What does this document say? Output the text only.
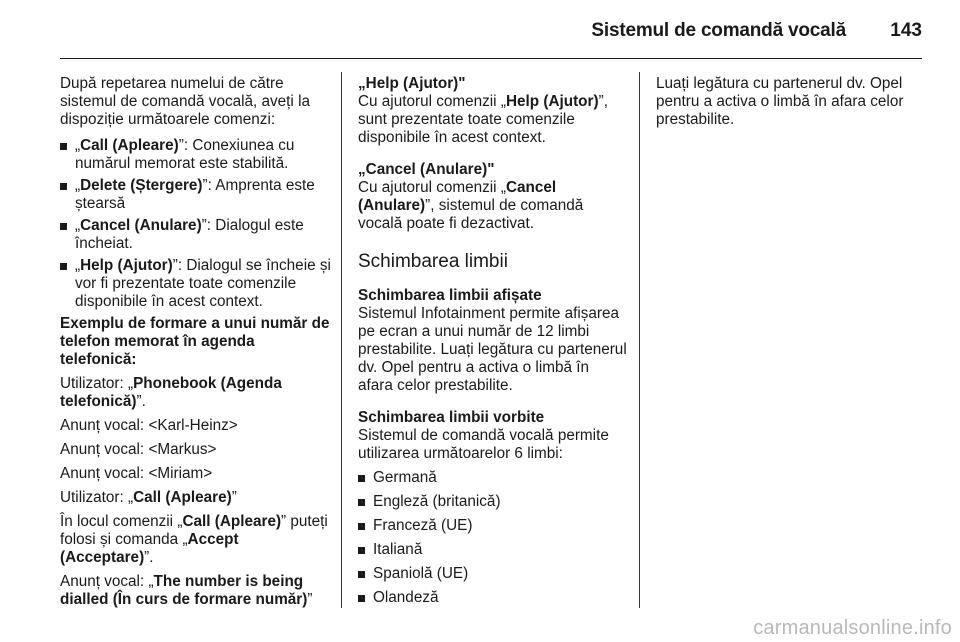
Sistemul de comandă vocală 143

După repetarea numelui de către sistemul de comandă vocală, aveți la dispoziție următoarele comenzi:

„Call (Apleare)”: Conexiunea cu numărul memorat este stabilită.
„Delete (Ștergere)”: Amprenta este ștearsă
„Cancel (Anulare)”: Dialogul este încheiat.
„Help (Ajutor)”: Dialogul se încheie și vor fi prezentate toate comenzile disponibile în acest context.

Exemplu de formare a unui număr de telefon memorat în agenda telefonică:

Utilizator: „Phonebook (Agenda telefonică)”.

Anunț vocal: <Karl-Heinz>

Anunț vocal: <Markus>

Anunț vocal: <Miriam>

Utilizator: „Call (Apleare)”

În locul comenzii „Call (Apleare)” puteți folosi și comanda „Accept (Acceptare)”.

Anunț vocal: „The number is being dialled (În curs de formare număr)”

„Help (Ajutor)"

Cu ajutorul comenzii „Help (Ajutor)”, sunt prezentate toate comenzile disponibile în acest context.

„Cancel (Anulare)"

Cu ajutorul comenzii „Cancel (Anulare)”, sistemul de comandă vocală poate fi dezactivat.

Schimbarea limbii

Schimbarea limbii afișate

Sistemul Infotainment permite afișarea pe ecran a unui număr de 12 limbi prestabilite. Luați legătura cu partenerul dv. Opel pentru a activa o limbă în afara celor prestabilite.

Schimbarea limbii vorbite

Sistemul de comandă vocală permite utilizarea următoarelor 6 limbi:

Germană
Engleză (britanică)
Franceză (UE)
Italiană
Spaniolă (UE)
Olandeză

Luați legătura cu partenerul dv. Opel pentru a activa o limbă în afara celor prestabilite.

carmanualsonline.info
